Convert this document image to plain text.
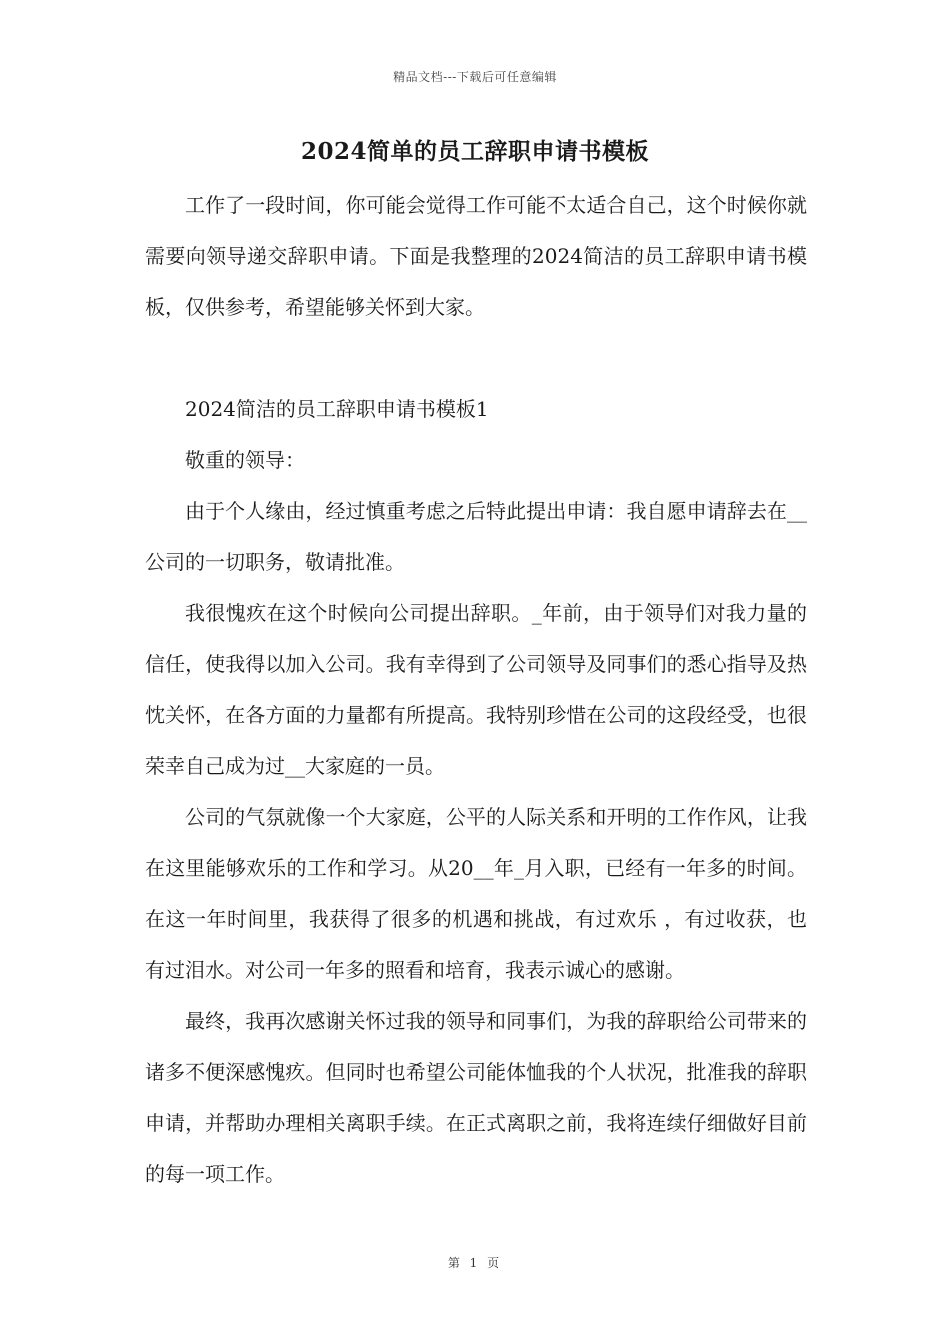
精品文档---下载后可任意编辑
2024简单的员工辞职申请书模板

工作了一段时间，你可能会觉得工作可能不太适合自己，这个时候你就需要向领导递交辞职申请。下面是我整理的2024简洁的员工辞职申请书模板，仅供参考，希望能够关怀到大家。

2024简洁的员工辞职申请书模板1

敬重的领导：

由于个人缘由，经过慎重考虑之后特此提出申请：我自愿申请辞去在__公司的一切职务，敬请批准。

我很愧疚在这个时候向公司提出辞职。_年前，由于领导们对我力量的信任，使我得以加入公司。我有幸得到了公司领导及同事们的悉心指导及热忱关怀，在各方面的力量都有所提高。我特别珍惜在公司的这段经受，也很荣幸自己成为过__大家庭的一员。

公司的气氛就像一个大家庭，公平的人际关系和开明的工作作风，让我在这里能够欢乐的工作和学习。从20__年_月入职，已经有一年多的时间。在这一年时间里，我获得了很多的机遇和挑战，有过欢乐 ，有过收获，也有过泪水。对公司一年多的照看和培育，我表示诚心的感谢。

最终，我再次感谢关怀过我的领导和同事们，为我的辞职给公司带来的诸多不便深感愧疚。但同时也希望公司能体恤我的个人状况，批准我的辞职申请，并帮助办理相关离职手续。在正式离职之前，我将连续仔细做好目前的每一项工作。

第 1 页
